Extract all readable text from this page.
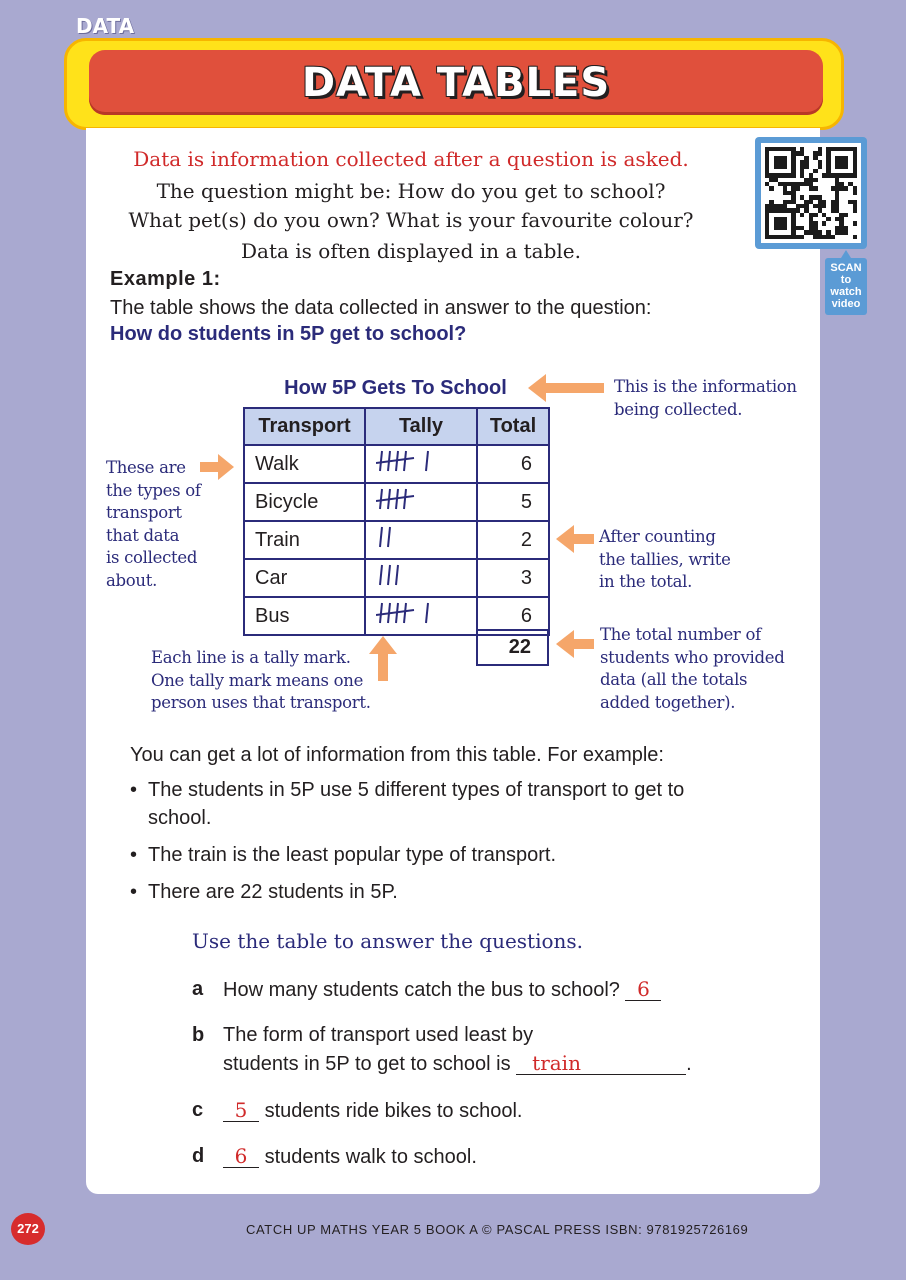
DATA
DATA TABLES
SCAN
to
watch
video
Data is information collected after a question is asked.
The question might be: How do you get to school?
What pet(s) do you own? What is your favourite colour?
Data is often displayed in a table.
Example 1:
The table shows the data collected in answer to the question:
How do students in 5P get to school?
How 5P Gets To School
Transport	Tally	Total
Walk		6
Bicycle		5
Train		2
Car		3
Bus		6
22
This is the information
being collected.
These are
the types of
transport
that data
is collected
about.
After counting
the tallies, write
in the total.
Each line is a tally mark.
One tally mark means one
person uses that transport.
The total number of
students who provided
data (all the totals
added together).
You can get a lot of information from this table. For example:
• The students in 5P use 5 different types of transport to get to school.
• The train is the least popular type of transport.
• There are 22 students in 5P.
Use the table to answer the questions.
a How many students catch the bus to school? 6
b The form of transport used least by
students in 5P to get to school is train	.
c	5 students ride bikes to school.
d	6 students walk to school.
272	CATCH UP MATHS YEAR 5 BOOK A © PASCAL PRESS ISBN: 9781925726169
